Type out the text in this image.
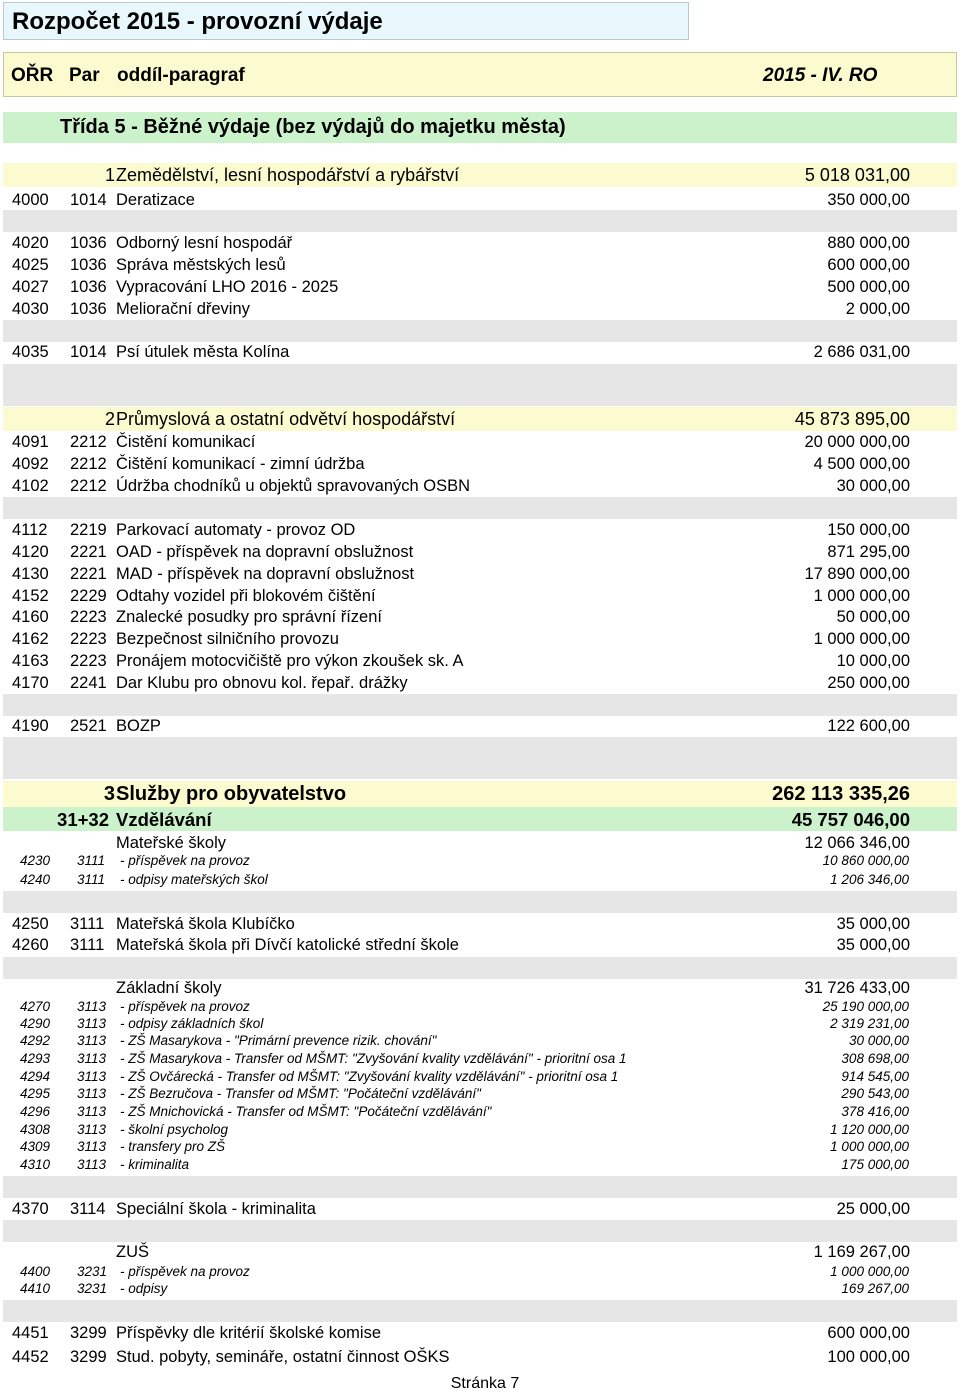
Rozpočet 2015 - provozní výdaje
OŘR Par oddíl-paragraf	2015 - IV. RO
Třída 5 - Běžné výdaje (bez výdajů do majetku města)
1 Zemědělství, lesní hospodářství a rybářství	5 018 031,00
4000 1014 Deratizace	350 000,00
4020 1036 Odborný lesní hospodář	880 000,00
4025 1036 Správa městských lesů	600 000,00
4027 1036 Vypracování LHO 2016 - 2025	500 000,00
4030 1036 Meliorační dřeviny	2 000,00
4035 1014 Psí útulek města Kolína	2 686 031,00
2 Průmyslová a ostatní odvětví hospodářství	45 873 895,00
4091 2212 Čistění komunikací	20 000 000,00
4092 2212 Čištění komunikací - zimní údržba	4 500 000,00
4102 2212 Údržba chodníků u objektů spravovaných OSBN	30 000,00
4112 2219 Parkovací automaty - provoz OD	150 000,00
4120 2221 OAD - příspěvek na dopravní obslužnost	871 295,00
4130 2221 MAD - příspěvek na dopravní obslužnost	17 890 000,00
4152 2229 Odtahy vozidel při blokovém čištění	1 000 000,00
4160 2223 Znalecké posudky pro správní řízení	50 000,00
4162 2223 Bezpečnost silničního provozu	1 000 000,00
4163 2223 Pronájem motocvičiště pro výkon zkoušek sk. A	10 000,00
4170 2241 Dar Klubu pro obnovu kol. řepař. drážky	250 000,00
4190 2521 BOZP	122 600,00
3 Služby pro obyvatelstvo	262 113 335,26
31+32 Vzdělávání	45 757 046,00
Mateřské školy	12 066 346,00
4230 3111 - příspěvek na provoz	10 860 000,00
4240 3111 - odpisy mateřských škol	1 206 346,00
4250 3111 Mateřská škola Klubíčko	35 000,00
4260 3111 Mateřská škola při Dívčí katolické střední škole	35 000,00
Základní školy	31 726 433,00
4270 3113 - příspěvek na provoz	25 190 000,00
4290 3113 - odpisy základních škol	2 319 231,00
4292 3113 - ZŠ Masarykova - "Primární prevence rizik. chování"	30 000,00
4293 3113 - ZŠ Masarykova - Transfer od MŠMT: "Zvyšování kvality vzdělávání" - prioritní osa 1	308 698,00
4294 3113 - ZŠ Ovčárecká - Transfer od MŠMT: "Zvyšování kvality vzdělávání" - prioritní osa 1	914 545,00
4295 3113 - ZŠ Bezručova - Transfer od MŠMT: "Počáteční vzdělávání"	290 543,00
4296 3113 - ZŠ Mnichovická - Transfer od MŠMT: "Počáteční vzdělávání"	378 416,00
4308 3113 - školní psycholog	1 120 000,00
4309 3113 - transfery pro ZŠ	1 000 000,00
4310 3113 - kriminalita	175 000,00
4370 3114 Speciální škola - kriminalita	25 000,00
ZUŠ	1 169 267,00
4400 3231 - příspěvek na provoz	1 000 000,00
4410 3231 - odpisy	169 267,00
4451 3299 Příspěvky dle kritérií školské komise	600 000,00
4452 3299 Stud. pobyty, semináře, ostatní činnost OŠKS	100 000,00
Stránka 7
